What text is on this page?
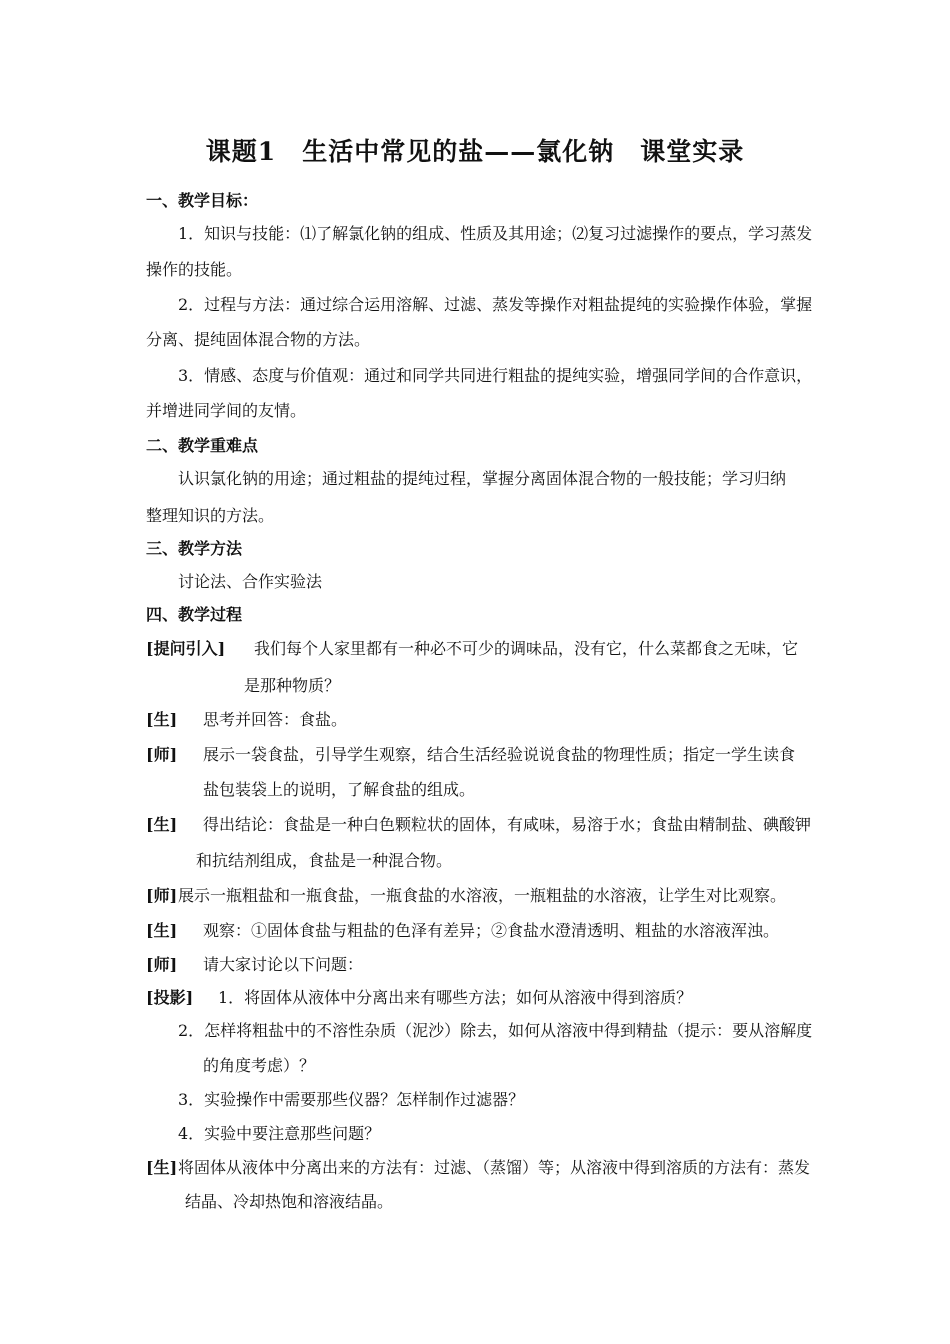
课题1　生活中常见的盐——氯化钠　课堂实录
一、教学目标：
1．知识与技能：⑴了解氯化钠的组成、性质及其用途；⑵复习过滤操作的要点，学习蒸发
操作的技能。
2．过程与方法：通过综合运用溶解、过滤、蒸发等操作对粗盐提纯的实验操作体验，掌握
分离、提纯固体混合物的方法。
3．情感、态度与价值观：通过和同学共同进行粗盐的提纯实验，增强同学间的合作意识，
并增进同学间的友情。
二、教学重难点
认识氯化钠的用途；通过粗盐的提纯过程，掌握分离固体混合物的一般技能；学习归纳
整理知识的方法。
三、教学方法
讨论法、合作实验法
四、教学过程
[提问引入] 我们每个人家里都有一种必不可少的调味品，没有它，什么菜都食之无味，它
是那种物质？
[生] 思考并回答：食盐。
[师] 展示一袋食盐，引导学生观察，结合生活经验说说食盐的物理性质；指定一学生读食
盐包装袋上的说明，了解食盐的组成。
[生] 得出结论：食盐是一种白色颗粒状的固体，有咸味，易溶于水；食盐由精制盐、碘酸钾
和抗结剂组成，食盐是一种混合物。
[师] 展示一瓶粗盐和一瓶食盐，一瓶食盐的水溶液，一瓶粗盐的水溶液，让学生对比观察。
[生] 观察：①固体食盐与粗盐的色泽有差异；②食盐水澄清透明、粗盐的水溶液浑浊。
[师] 请大家讨论以下问题：
[投影] 1．将固体从液体中分离出来有哪些方法；如何从溶液中得到溶质？
2．怎样将粗盐中的不溶性杂质（泥沙）除去，如何从溶液中得到精盐（提示：要从溶解度
的角度考虑）？
3．实验操作中需要那些仪器？怎样制作过滤器？
4．实验中要注意那些问题？
[生] 将固体从液体中分离出来的方法有：过滤、（蒸馏）等；从溶液中得到溶质的方法有：蒸发
结晶、冷却热饱和溶液结晶。
